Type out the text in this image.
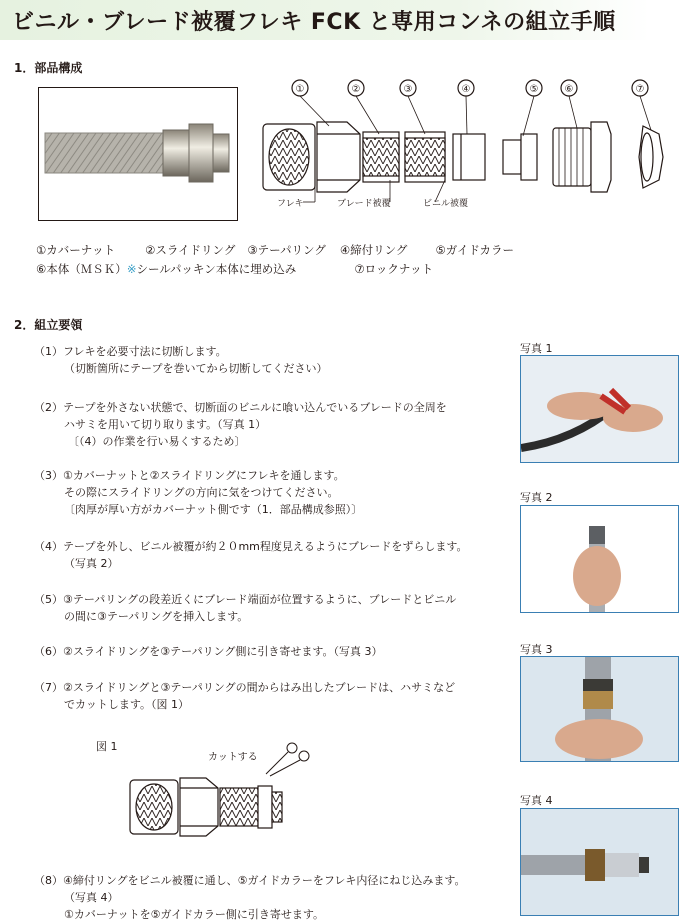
ビニル・ブレード被覆フレキ FCK と専用コンネの組立手順
1．部品構成
①	②	③	④	⑤	⑥	⑦
フレキ	ブレード被覆	ビニル被覆
①カバーナット	②スライドリング ③テーパリング ④締付リング ⑤ガイドカラー
⑥本体（ＭＳＫ）※シールパッキン本体に埋め込み	⑦ロックナット
2．組立要領
（1）フレキを必要寸法に切断します。
（切断箇所にテープを巻いてから切断してください）
（2）テープを外さない状態で、切断面のビニルに喰い込んでいるブレードの全周を
ハサミを用いて切り取ります。（写真 1）
〔（4）の作業を行い易くするため〕
（3）①カバーナットと②スライドリングにフレキを通します。
その際にスライドリングの方向に気をつけてください。
〔肉厚が厚い方がカバーナット側です（1．部品構成参照）〕
（4）テープを外し、ビニル被覆が約２０mm程度見えるようにブレードをずらします。
（写真 2）
（5）③テーパリングの段差近くにブレード端面が位置するように、ブレードとビニル
の間に③テーパリングを挿入します。
（6）②スライドリングを③テーパリング側に引き寄せます。（写真 3）
（7）②スライドリングと③テーパリングの間からはみ出したブレードは、ハサミなど
でカットします。（図 1）
図 1
カットする
（8）④締付リングをビニル被覆に通し、⑤ガイドカラーをフレキ内径にねじ込みます。
（写真 4）
①カバーナットを⑤ガイドカラー側に引き寄せます。
写真 1
写真 2
写真 3
写真 4
